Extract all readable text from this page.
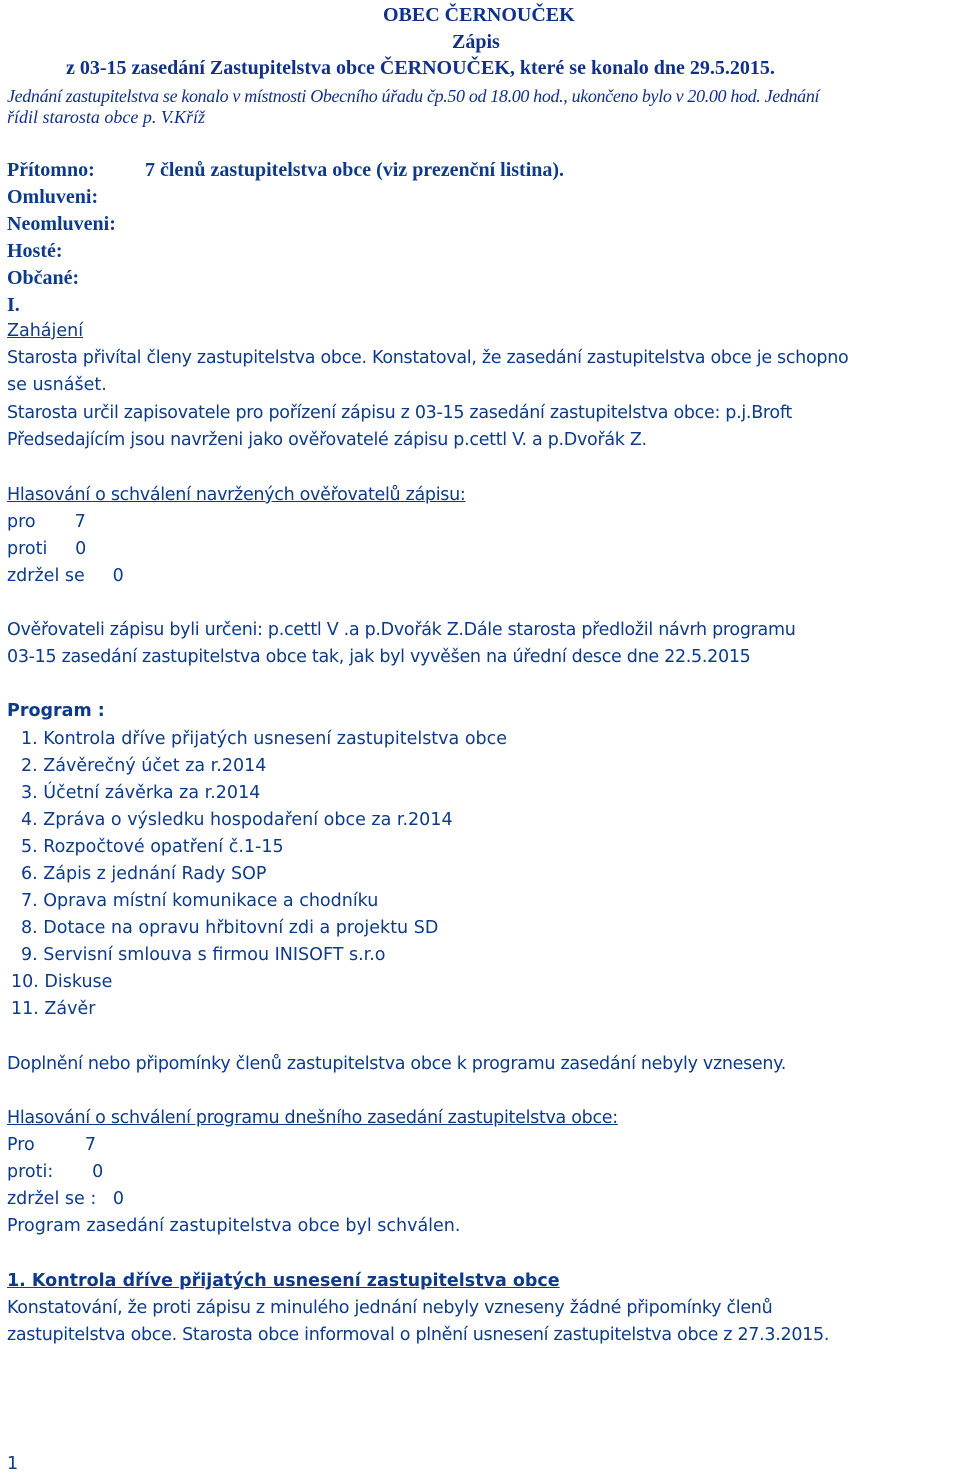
OBEC ČERNOUČEK
Zápis
z 03-15 zasedání Zastupitelstva obce ČERNOUČEK, které se konalo dne 29.5.2015.
Jednání zastupitelstva se konalo v místnosti Obecního úřadu čp.50 od 18.00 hod., ukončeno bylo v 20.00 hod. Jednání
řídil starosta obce p. V.Kříž
Přítomno:	7 členů zastupitelstva obce (viz prezenční listina).
Omluveni:
Neomluveni:
Hosté:
Občané:
I.
Zahájení
Starosta přivítal členy zastupitelstva obce. Konstatoval, že zasedání zastupitelstva obce je schopno
se usnášet.
Starosta určil zapisovatele pro pořízení zápisu z 03-15 zasedání zastupitelstva obce: p.j.Broft
Předsedajícím jsou navrženi jako ověřovatelé zápisu p.cettl V. a p.Dvořák Z.
Hlasování o schválení navržených ověřovatelů zápisu:
pro       7
proti     0
zdržel se     0
Ověřovateli zápisu byli určeni: p.cettl V .a p.Dvořák Z.Dále starosta předložil návrh programu
03-15 zasedání zastupitelstva obce tak, jak byl vyvěšen na úřední desce dne 22.5.2015
Program :
1. Kontrola dříve přijatých usnesení zastupitelstva obce
2. Závěrečný účet za r.2014
3. Účetní závěrka za r.2014
4. Zpráva o výsledku hospodaření obce za r.2014
5. Rozpočtové opatření č.1-15
6. Zápis z jednání Rady SOP
7. Oprava místní komunikace a chodníku
8. Dotace na opravu hřbitovní zdi a projektu SD
9. Servisní smlouva s firmou INISOFT s.r.o
10. Diskuse
11. Závěr
Doplnění nebo připomínky členů zastupitelstva obce k programu zasedání nebyly vzneseny.
Hlasování o schválení programu dnešního zasedání zastupitelstva obce:
Pro         7
proti:       0
zdržel se :   0
Program zasedání zastupitelstva obce byl schválen.
1. Kontrola dříve přijatých usnesení zastupitelstva obce
Konstatování, že proti zápisu z minulého jednání nebyly vzneseny žádné připomínky členů
zastupitelstva obce. Starosta obce informoval o plnění usnesení zastupitelstva obce z 27.3.2015.
1
